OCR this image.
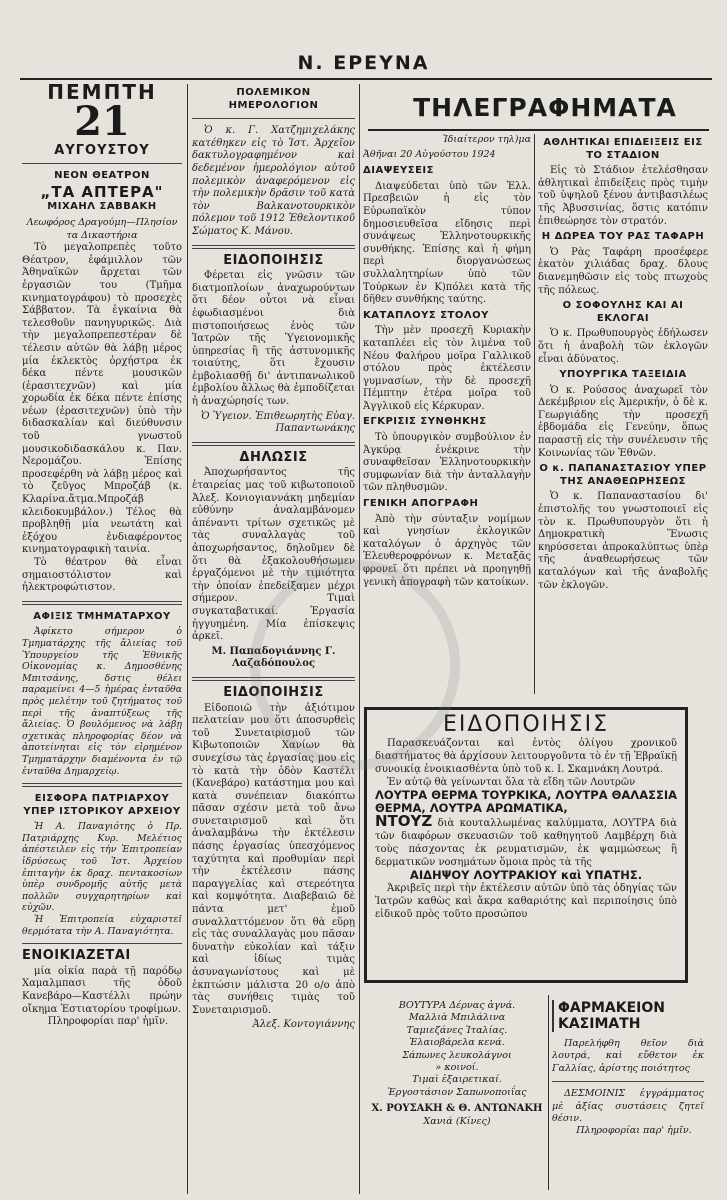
Ν. ΕΡΕΥΝΑ
ΠΕΜΠΤΗ
21
ΑΥΓΟΥΣΤΟΥ
ΝΕΟΝ ΘΕΑΤΡΟΝ
„ΤΑ ΑΠΤΕΡΑ"
ΜΙΧΑΗΛ ΣΑΒΒΑΚΗ
Λεωφόρος Δραγούμη—Πλησίον τα Δικαστήρια

Τὸ μεγαλοπρεπὲς τοῦτο Θέατρον, ἐφάμιλλον τῶν Ἀθηναϊκῶν ἄρχεται τῶν ἐργασιῶν του (Τμῆμα κινηματογράφου) τὸ προσεχὲς Σάββατον. Τὰ ἐγκαίνια θὰ τελεσθοῦν πανηγυρικῶς. Διὰ τὴν μεγαλοπρεπεστέραν δὲ τέλεσιν αὐτῶν θὰ λάβῃ μέρος μία ἐκλεκτὸς ὀρχήστρα ἐκ δέκα πέντε μουσικῶν (ἐρασιτεχνῶν) καὶ μία χορωδία ἐκ δέκα πέντε ἐπίσης νέων (ἐρασιτεχνῶν) ὑπὸ τὴν διδασκαλίαν καὶ διεύθυνσιν τοῦ γνωστοῦ μουσικοδιδασκάλου κ. Παν. Νερομάζου. Ἐπίσης προσεφέρθη νὰ λάβῃ μέρος καὶ τὸ ζεῦγος Μπροζάβ (κ. Κλαρίνα.ἄτμα.Μπροζάβ κλειδοκυμβάλον.) Τέλος θὰ προβληθῇ μία νεωτάτη καὶ ἐξόχου ἐνδιαφέροντος κινηματογραφικὴ ταινία.

Τὸ θέατρον θὰ εἶναι σημαιοστόλιστον καὶ ἠλεκτροφώτιστον.

ΑΦΙΞΙΣ ΤΜΗΜΑΤΑΡΧΟΥ

Ἀφίκετο σήμερον ὁ Τμηματάρχης τῆς ἄλιείας τοῦ Ὑπουργείου τῆς Ἐθνικῆς Οἰκονομίας κ. Δημοσθένης Μπιτσάνης, δστις θέλει παραμείνει 4—5 ἡμέρας ἐνταῦθα πρὸς μελέτην τοῦ ζητήματος τοῦ περὶ τῆς ἀναπτύξεως τῆς ἄλιείας. Ὁ βουλόμενος νὰ λάβῃ σχετικὰς πληροφορίας δέον νὰ ἀποτείνηται εἰς τὸν εἰρημένον Τμηματάρχην διαμένοντα ἐν τῷ ἐνταῦθα Δημαρχείῳ.

ΕΙΣΦΟΡΑ ΠΑΤΡΙΑΡΧΟΥ ΥΠΕΡ ΙΣΤΟΡΙΚΟΥ ΑΡΧΕΙΟΥ

Ἡ Α. Παναγιότης ὁ Πρ. Πατριάρχης Κυρ. Μελέτιος ἀπέστειλεν εἰς τὴν Ἐπιτροπείαν ἱδρύσεως τοῦ Ἱστ. Ἀρχείου ἐπιταγὴν ἐκ δραχ. πεντακοσίων ὑπὲρ συνδρομῆς αὐτῆς μετὰ πολλῶν συγχαρητηρίων καὶ εὐχῶν.

Ἡ Ἐπιτροπεία εὐχαριστεῖ θερμότατα τὴν Α. Παναγιότητα.

ΕΝΟΙΚΙΑΖΕΤΑΙ

μία οἰκία παρὰ τῇ παρόδῳ Χαμαλμπασι τῆς ὁδοῦ Κανεβάρο—Καστέλλι πρώην οἴκημα Ἐστιατορίου τροφίμων.

Πληροφορίαι παρ' ἡμῖν.

ΠΟΛΕΜΙΚΟΝ ΗΜΕΡΟΛΟΓΙΟΝ

Ὁ κ. Γ. Χατζημιχελάκης κατέθηκεν εἰς τὸ Ἱστ. Ἀρχεῖον δακτυλογραφημένον καὶ δεδεμένον ἡμερολόγιον αὐτοῦ πολεμικὸν ἀναφερόμενον εἰς τὴν πολεμικὴν δρᾶσιν τοῦ κατὰ τὸν Βαλκανοτουρκικὸν πόλεμον τοῦ 1912 Ἐθελοντικοῦ Σώματος Κ. Μάνου.

ΕΙΔΟΠΟΙΗΣΙΣ

Φέρεται εἰς γνῶσιν τῶν διατμοπλοίων ἀναχωρούντων ὅτι δέον οὗτοι νὰ εἶναι ἐφωδιασμένοι διὰ πιστοποιήσεως ἑνὸς τῶν Ἰατρῶν τῆς Ὑγειονομικῆς ὑπηρεσίας ἢ τῆς ἀστυνομικῆς τοιαύτης, ὅτι ἔχουσιν ἐμβολιασθῇ δι' ἀντιπανωλικοῦ ἐμβολίου ἄλλως θὰ ἐμποδίζεται ἡ ἀναχώρησίς των.

Ὁ Ὑγειον. Ἐπιθεωρητὴς Εὐαγ. Παπαντωνάκης
ΔΗΛΩΣΙΣ

Ἀποχωρήσαντος τῆς ἑταιρείας μας τοῦ κιβωτοποιοῦ Ἀλεξ. Κονιογιαννάκη μηδεμίαν εὐθύνην ἀναλαμβάνομεν ἀπέναντι τρίτων σχετικῶς μὲ τὰς συναλλαγὰς τοῦ ἀποχωρήσαντος, δηλοῦμεν δὲ ὅτι θὰ ἐξακολουθήσωμεν ἐργαζόμενοι μὲ τὴν τιμιότητα τὴν ὁποίαν ἐπεδείξαμεν μέχρι σήμερον. Τιμαὶ συγκαταβατικαί. Ἐργασία ἠγγυημένη. Μία ἐπίσκεψις ἀρκεῖ.

Μ. Παπαδογιάννης Γ. Λαζαδόπουλος
ΕΙΔΟΠΟΙΗΣΙΣ

Εἰδοποιῶ τὴν ἀξιότιμον πελατείαν μου ὅτι ἀποσυρθεὶς τοῦ Συνεταιρισμοῦ τῶν Κιβωτοποιῶν Χανίων θὰ συνεχίσω τὰς ἐργασίας μου εἰς τὸ κατὰ τὴν ὁδὸν Καστέλι (Κανεβάρο) κατάστημα μου καὶ κατὰ συνέπειαν διακόπτω πᾶσαν σχέσιν μετὰ τοῦ ἄνω συνεταιρισμοῦ καὶ ὅτι ἀναλαμβάνω τὴν ἐκτέλεσιν πάσης ἐργασίας ὑπεσχόμενος ταχύτητα καὶ προθυμίαν περὶ τὴν ἐκτέλεσιν πάσης παραγγελίας καὶ στερεότητα καὶ κομψότητα. Διαβεβαιῶ δὲ πάντα μετ' ἐμοῦ συναλλαττόμενον ὅτι θὰ εὕρῃ εἰς τὰς συναλλαγὰς μου πᾶσαν δυνατὴν εὐκολίαν καὶ τάξιν καὶ ἰδίως τιμὰς ἀσυναγωνίστους καὶ μὲ ἐκπτώσιν μάλιστα 20 ο/ο ἀπὸ τὰς συνήθεις τιμὰς τοῦ Συνεταιρισμοῦ.

Ἀλεξ. Κοντογιάννης
ΤΗΛΕΓΡΑΦΗΜΑΤΑ
Ἰδιαίτερον τηλ)μα
Ἀθῆναι 20 Αὐγούστου 1924
ΔΙΑΨΕΥΣΕΙΣ

Διαψεύδεται ὑπὸ τῶν Ἑλλ. Πρεσβειῶν ἡ εἰς τὸν Εὐρωπαϊκὸν τύπον δημοσιευθεῖσα εἴδησις περὶ συνάψεως Ἑλληνοτουρκικῆς συνθήκης. Ἐπίσης καὶ ἡ φήμη περὶ διοργανώσεως συλλαλητηρίων ὑπὸ τῶν Τούρκων ἐν Κ)πόλει κατὰ τῆς δῆθεν συνθήκης ταύτης.

ΚΑΤΑΠΛΟΥΣ ΣΤΟΛΟΥ

Τὴν μὲν προσεχῆ Κυριακὴν καταπλέει εἰς τὸν λιμένα τοῦ Νέου Φαλήρου μοῖρα Γαλλικοῦ στόλου πρὸς ἐκτέλεσιν γυμνασίων, τὴν δὲ προσεχῆ Πέμπτην ἑτέρα μοῖρα τοῦ Ἀγγλικοῦ εἰς Κέρκυραν.

ΕΓΚΡΙΣΙΣ ΣΥΝΘΗΚΗΣ

Τὸ ὑπουργικὸν συμβούλιον ἐν Ἀγκύρᾳ ἐνέκρινε τὴν συναφθεῖσαν Ἑλληνοτουρκικὴν συμφωνίαν διὰ τὴν ἀνταλλαγὴν τῶν πληθυσμῶν.

ΓΕΝΙΚΗ ΑΠΟΓΡΑΦΗ

Ἀπὸ τὴν σύνταξιν νομίμων καὶ γνησίων ἐκλογικῶν καταλόγων ὁ ἀρχηγὸς τῶν Ἐλευθεροφρόνων κ. Μεταξᾶς φρονεῖ ὅτι πρέπει νὰ προηγηθῇ γενικὴ ἀπογραφὴ τῶν κατοίκων.

ΑΘΛΗΤΙΚΑΙ ΕΠΙΔΕΙΞΕΙΣ ΕΙΣ ΤΟ ΣΤΑΔΙΟΝ

Εἰς τὸ Στάδιον ἐτελέσθησαν ἀθλητικαὶ ἐπιδείξεις πρὸς τιμὴν τοῦ ὑψηλοῦ ξένου ἀντιβασιλέως τῆς Ἀβυσσινίας, ὅστις κατόπιν ἐπιθεώρησε τὸν στρατόν.

Η ΔΩΡΕΑ ΤΟΥ ΡΑΣ ΤΑΦΑΡΗ

Ὁ Ρὰς Ταφάρη προσέφερε ἑκατὸν χιλιάδας δραχ. δλους διανεμηθῶσιν εἰς τοὺς πτωχοὺς τῆς πόλεως.

Ο ΣΟΦΟΥΛΗΣ ΚΑΙ ΑΙ ΕΚΛΟΓΑΙ

Ὁ κ. Πρωθυπουργὸς ἐδήλωσεν ὅτι ἡ ἀναβολὴ τῶν ἐκλογῶν εἶναι ἀδύνατος.

ΥΠΟΥΡΓΙΚΑ ΤΑΞΕΙΔΙΑ

Ὁ κ. Ρούσσος ἀναχωρεῖ τὸν Δεκέμβριον εἰς Ἀμερικήν, ὁ δὲ κ. Γεωργιάδης τὴν προσεχῆ ἑβδομάδα εἰς Γενεύην, ὅπως παραστῇ εἰς τὴν συνέλευσιν τῆς Κοινωνίας τῶν Ἐθνῶν.

Ο κ. ΠΑΠΑΝΑΣΤΑΣΙΟΥ ΥΠΕΡ ΤΗΣ ΑΝΑΘΕΩΡΗΣΕΩΣ

Ὁ κ. Παπαναστασίου δι' ἐπιστολῆς του γνωστοποιεῖ εἰς τὸν κ. Πρωθυπουργὸν ὅτι ἡ Δημοκρατικὴ Ἕνωσις κηρύσσεται ἀπροκαλύπτως ὑπὲρ τῆς ἀναθεωρήσεως τῶν καταλόγων καὶ τῆς ἀναβολῆς τῶν ἐκλογῶν.

ΕΙΔΟΠΟΙΗΣΙΣ

Παρασκευάζονται καὶ ἐντὸς ὀλίγου χρονικοῦ διαστήματος θὰ ἀρχίσουν λειτουργοῦντα τὸ ἐν τῇ Ἐβραϊκῇ συνοικίᾳ ἐνοικιασθέντα ὑπὸ τοῦ κ. Ι. Σκαμνάκη Λουτρά.

Ἐν αὐτῷ θὰ γείνωνται ὅλα τὰ εἴδη τῶν Λουτρῶν

ΛΟΥΤΡΑ ΘΕΡΜΑ ΤΟΥΡΚΙΚΑ, ΛΟΥΤΡΑ ΘΑΛΑΣΣΙΑ ΘΕΡΜΑ, ΛΟΥΤΡΑ ΑΡΩΜΑΤΙΚΑ,
ΝΤΟΥΖ διὰ κουταλλωμένας καλύμματα, ΛΟΥΤΡΑ διὰ τῶν διαφόρων σκευασιῶν τοῦ καθηγητοῦ Λαμβέρχη διὰ τοὺς πάσχοντας ἐκ ρευματισμῶν, ἐκ ψαμμώσεως ἢ δερματικῶν νοσημάτων ὅμοια πρὸς τὰ τῆς
ΑΙΔΗΨΟΥ ΛΟΥΤΡΑΚΙΟΥ καὶ ΥΠΑΤΗΣ.

Ἀκριβεῖς περὶ τὴν ἐκτέλεσιν αὐτῶν ὑπὸ τὰς ὁδηγίας τῶν Ἰατρῶν καθὼς καὶ ἄκρα καθαριότης καὶ περιποίησις ὑπὸ εἰδικοῦ πρὸς τοῦτο προσώπου

ΒΟΥΤΥΡΑ Δέρνας ἁγνά.
Μαλλιὰ Μπιλάλινα
Ταμιεζάνες Ἰταλίας.
Ἐλαιοβάρελα κενά.
Σάπωνες λευκολάγνοι
» κοινοί.
Τιμαὶ ἐξαιρετικαί.
Ἐργοστάσιον Σαπωνοποιΐας
Χ. ΡΟΥΣΑΚΗ & Θ. ΑΝΤΩΝΑΚΗ
Χανιά (Κίνες)
ΦΑΡΜΑΚΕΙΟΝ ΚΑΣΙΜΑΤΗ

Παρελήφθη θεῖον διὰ λουτρά, καὶ εὔθετον ἐκ Γαλλίας, ἀρίστης ποιότητος

ΔΕΣΜΟΙΝΙΣ ἐγγράμματος μὲ ἀξίας συστάσεις ζητεῖ θέσιν.

Πληροφορίαι παρ' ἡμῖν.
